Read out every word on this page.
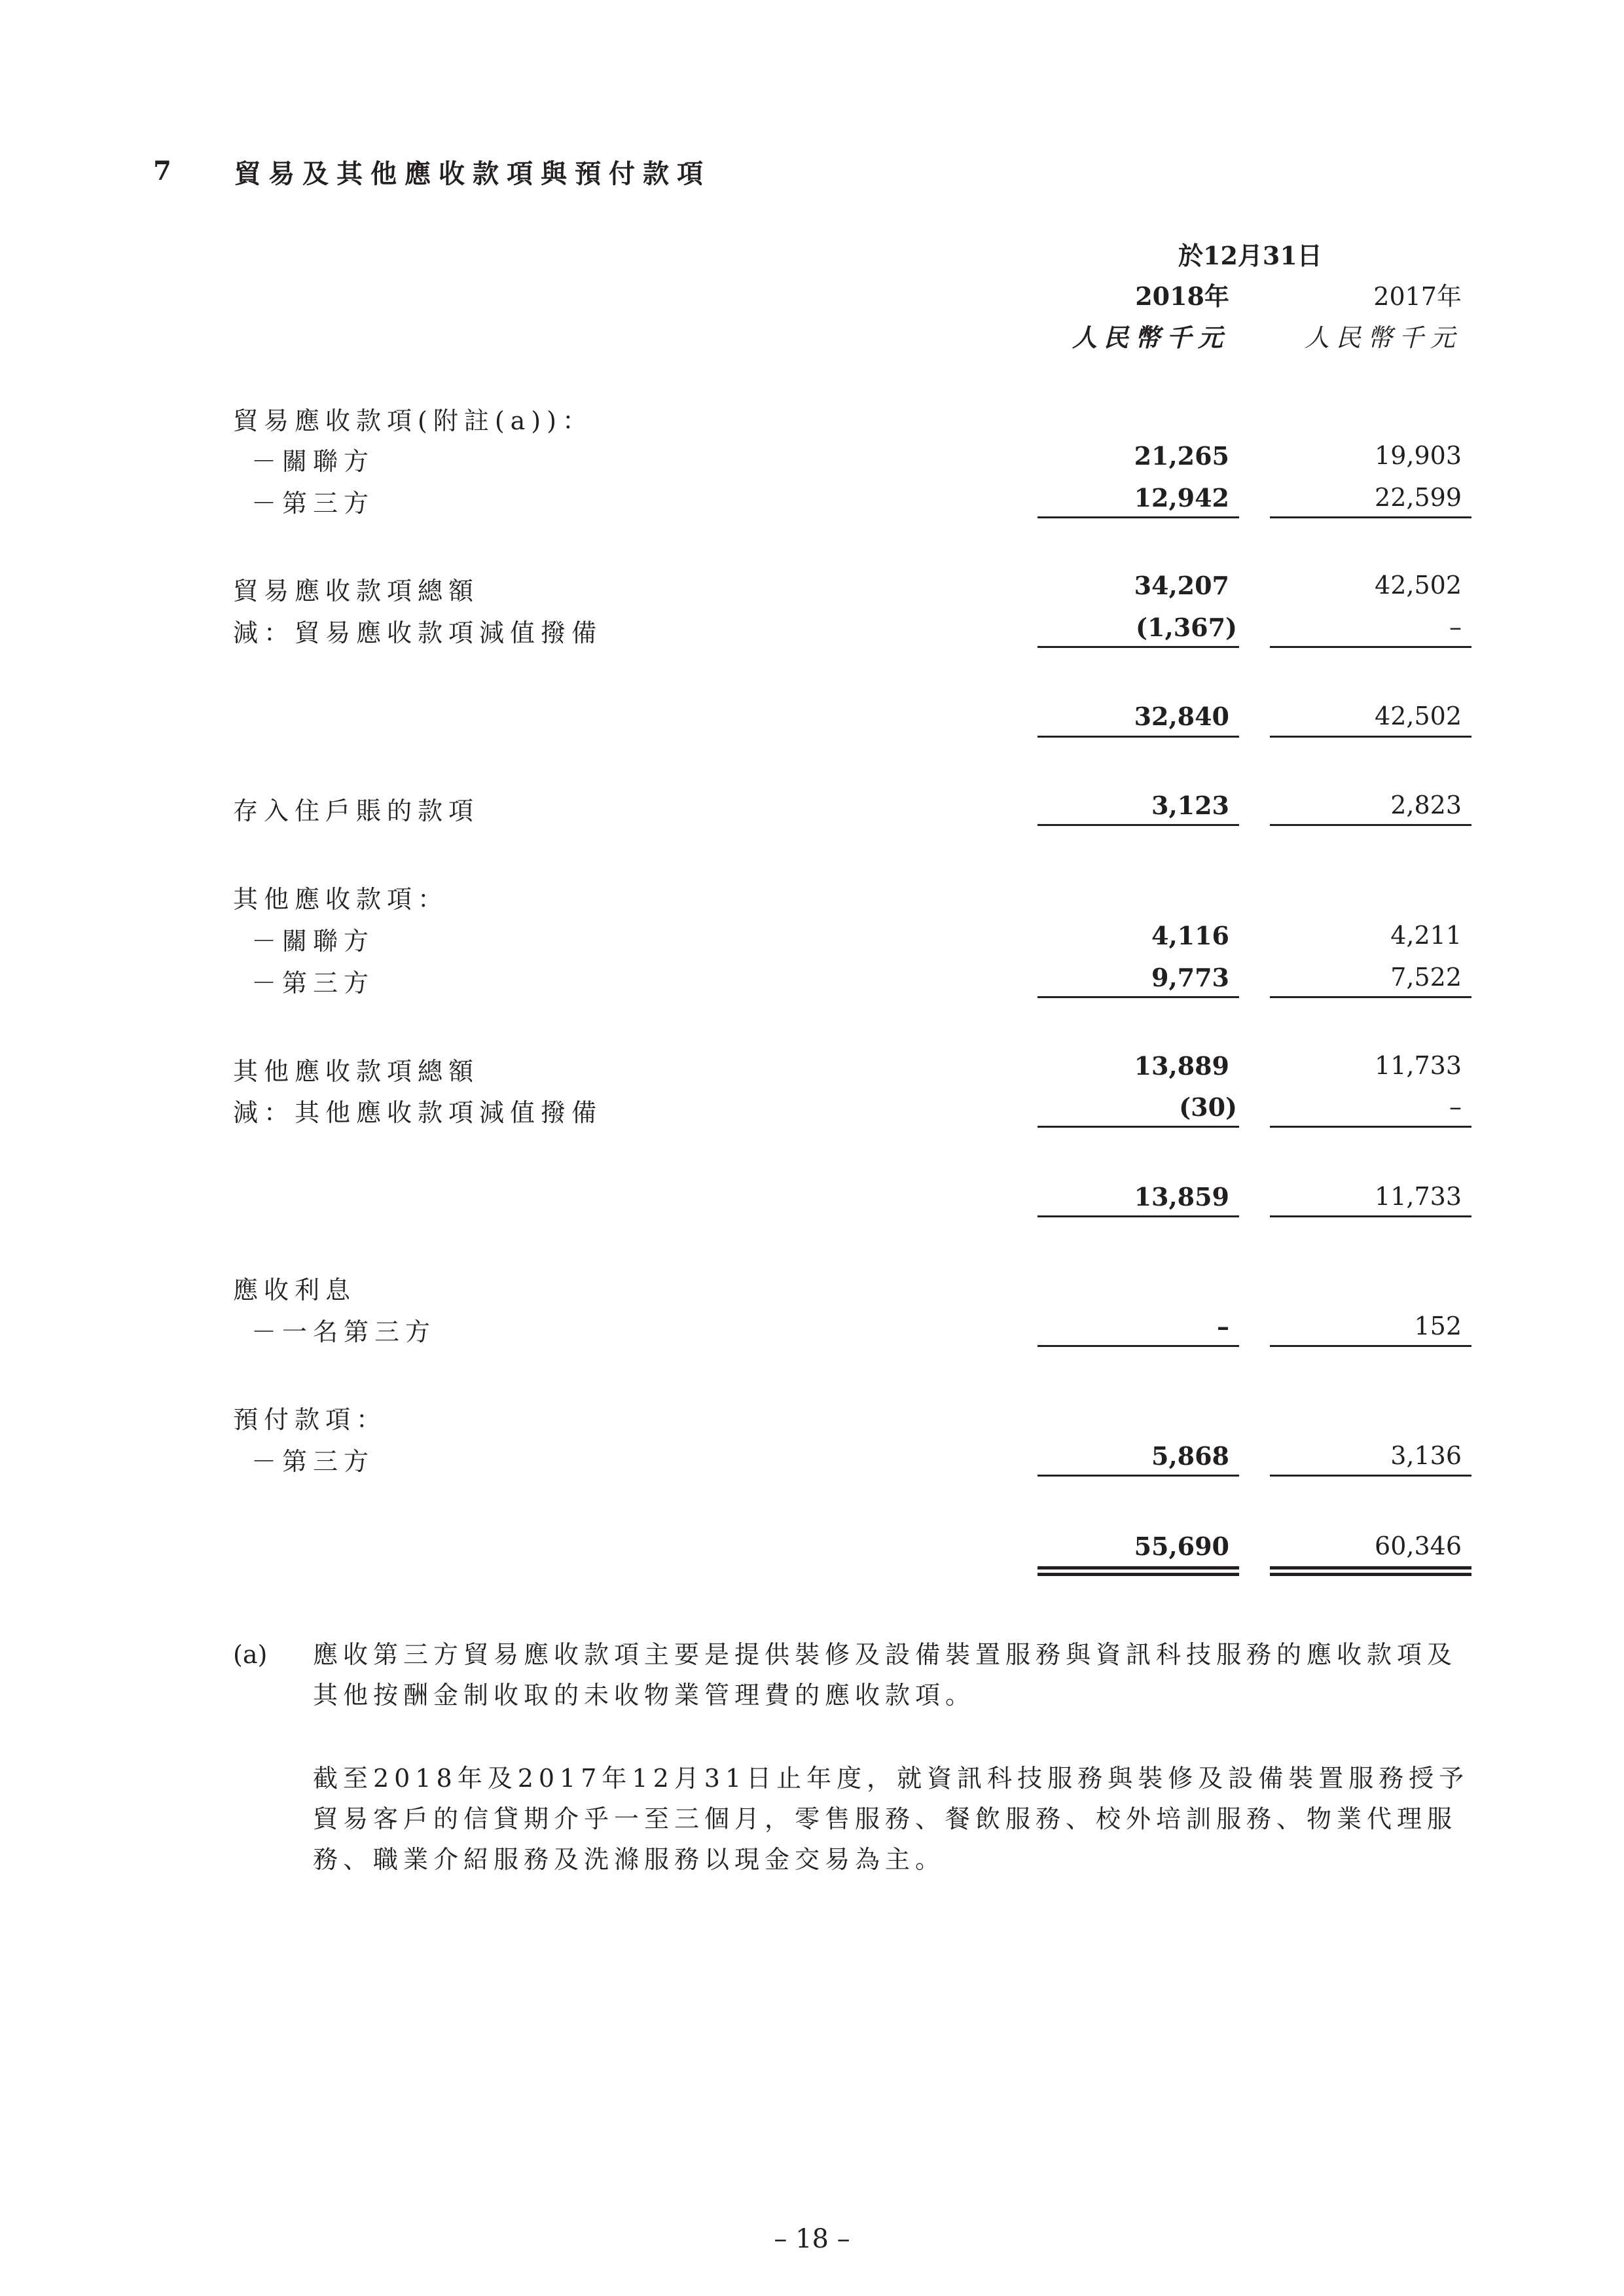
7 貿易及其他應收款項與預付款項
於12月31日
2018年	2017年
人民幣千元	人民幣千元
貿易應收款項(附註(a))：
－關聯方	21,265	19,903
－第三方	12,942	22,599
貿易應收款項總額	34,207	42,502
減：貿易應收款項減值撥備	(1,367)	–
32,840	42,502
存入住戶賬的款項	3,123	2,823
其他應收款項：
－關聯方	4,116	4,211
－第三方	9,773	7,522
其他應收款項總額	13,889	11,733
減：其他應收款項減值撥備	(30)	–
13,859	11,733
應收利息
－一名第三方	–	152
預付款項：
－第三方	5,868	3,136
55,690	60,346
(a) 應收第三方貿易應收款項主要是提供裝修及設備裝置服務與資訊科技服務的應收款項及其他按酬金制收取的未收物業管理費的應收款項。
截至2018年及2017年12月31日止年度，就資訊科技服務與裝修及設備裝置服務授予貿易客戶的信貸期介乎一至三個月，零售服務、餐飲服務、校外培訓服務、物業代理服務、職業介紹服務及洗滌服務以現金交易為主。
– 18 –
